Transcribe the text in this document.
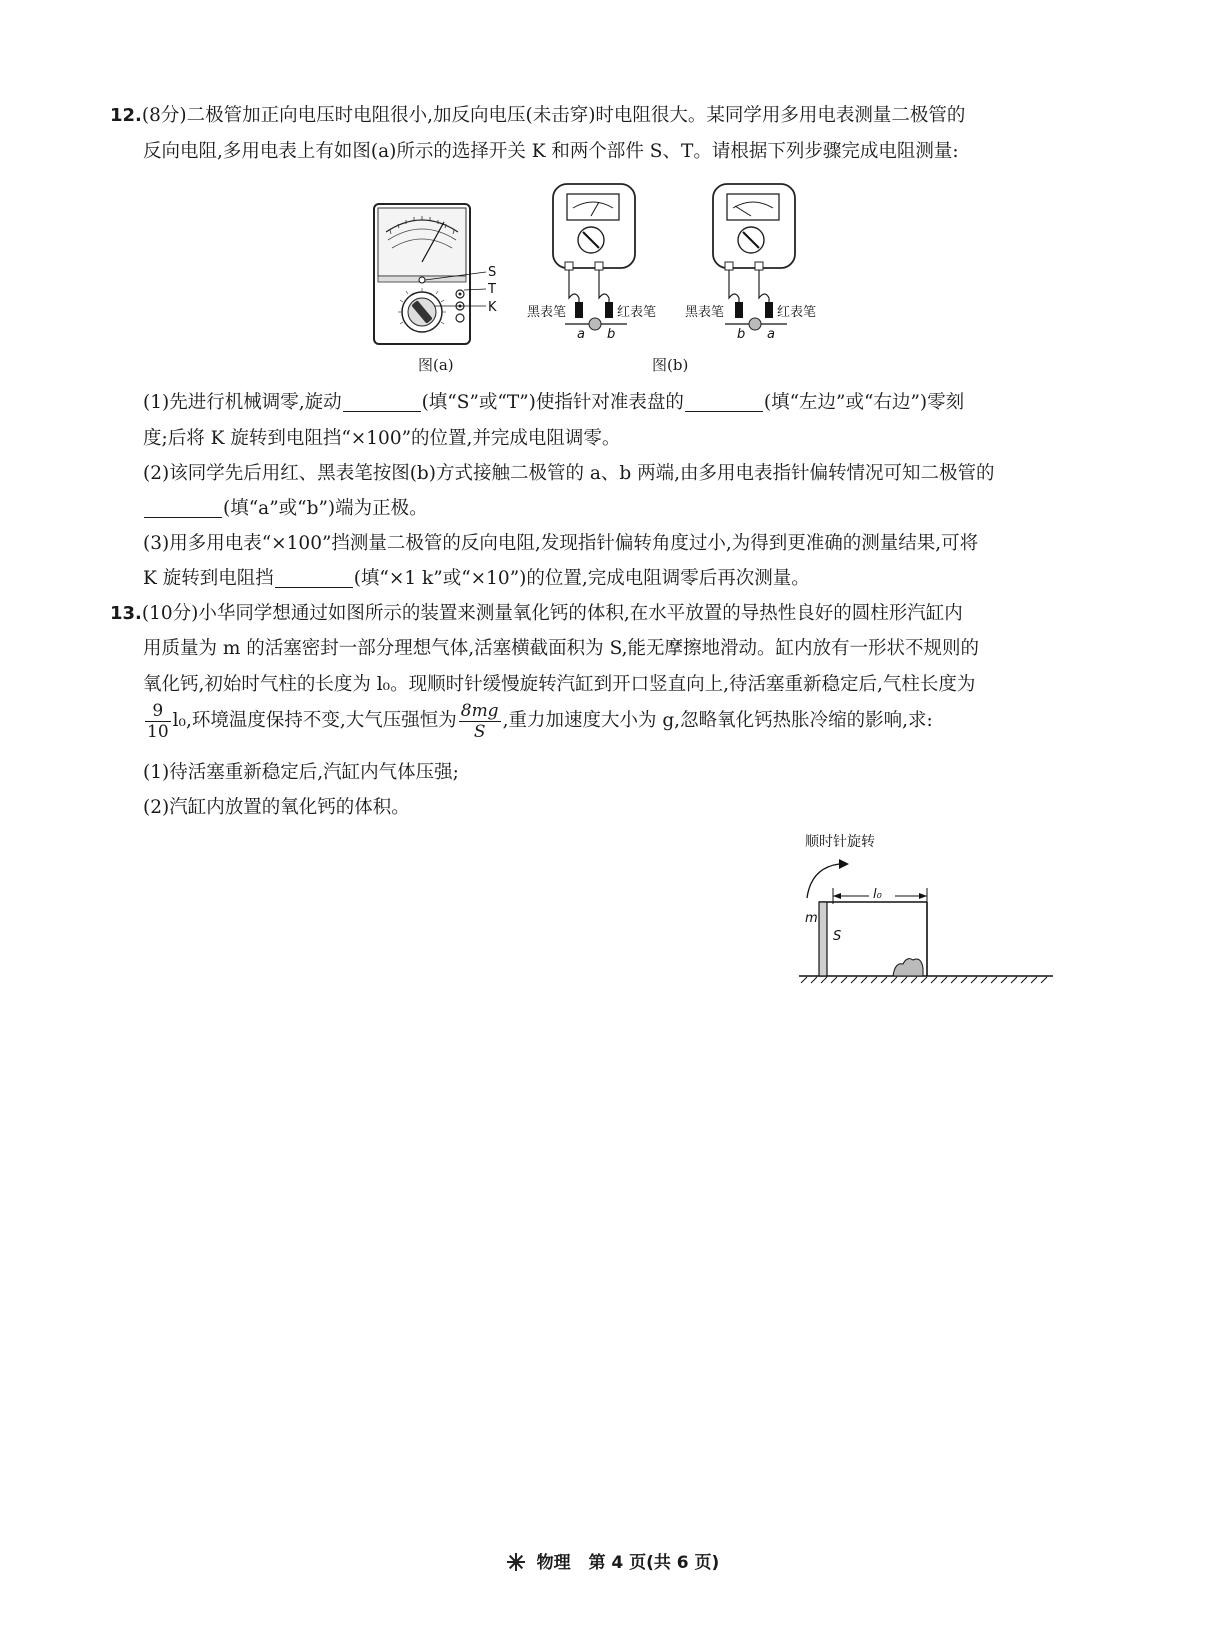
12.(8分)二极管加正向电压时电阻很小,加反向电压(未击穿)时电阻很大。某同学用多用电表测量二极管的
反向电阻,多用电表上有如图(a)所示的选择开关 K 和两个部件 S、T。请根据下列步骤完成电阻测量:
S
T
K
图(a)
黑表笔	红表笔
a b
黑表笔	红表笔
b a
图(b)
(1)先进行机械调零,旋动	(填“S”或“T”)使指针对准表盘的	(填“左边”或“右边”)零刻
度;后将 K 旋转到电阻挡“×100”的位置,并完成电阻调零。
(2)该同学先后用红、黑表笔按图(b)方式接触二极管的 a、b 两端,由多用电表指针偏转情况可知二极管的
(填“a”或“b”)端为正极。
(3)用多用电表“×100”挡测量二极管的反向电阻,发现指针偏转角度过小,为得到更准确的测量结果,可将
K 旋转到电阻挡	(填“×1 k”或“×10”)的位置,完成电阻调零后再次测量。
13.(10分)小华同学想通过如图所示的装置来测量氧化钙的体积,在水平放置的导热性良好的圆柱形汽缸内
用质量为 m 的活塞密封一部分理想气体,活塞横截面积为 S,能无摩擦地滑动。缸内放有一形状不规则的
氧化钙,初始时气柱的长度为 l₀。现顺时针缓慢旋转汽缸到开口竖直向上,待活塞重新稳定后,气柱长度为
$\frac{9}{10} l_0$,环境温度保持不变,大气压强恒为 $\frac{8mg}{S}$ ,重力加速度大小为 g,忽略氧化钙热胀冷缩的影响,求:
(1)待活塞重新稳定后,汽缸内气体压强;
(2)汽缸内放置的氧化钙的体积。
顺时针旋转
l₀
m
S
物理 第 4 页(共 6 页)
